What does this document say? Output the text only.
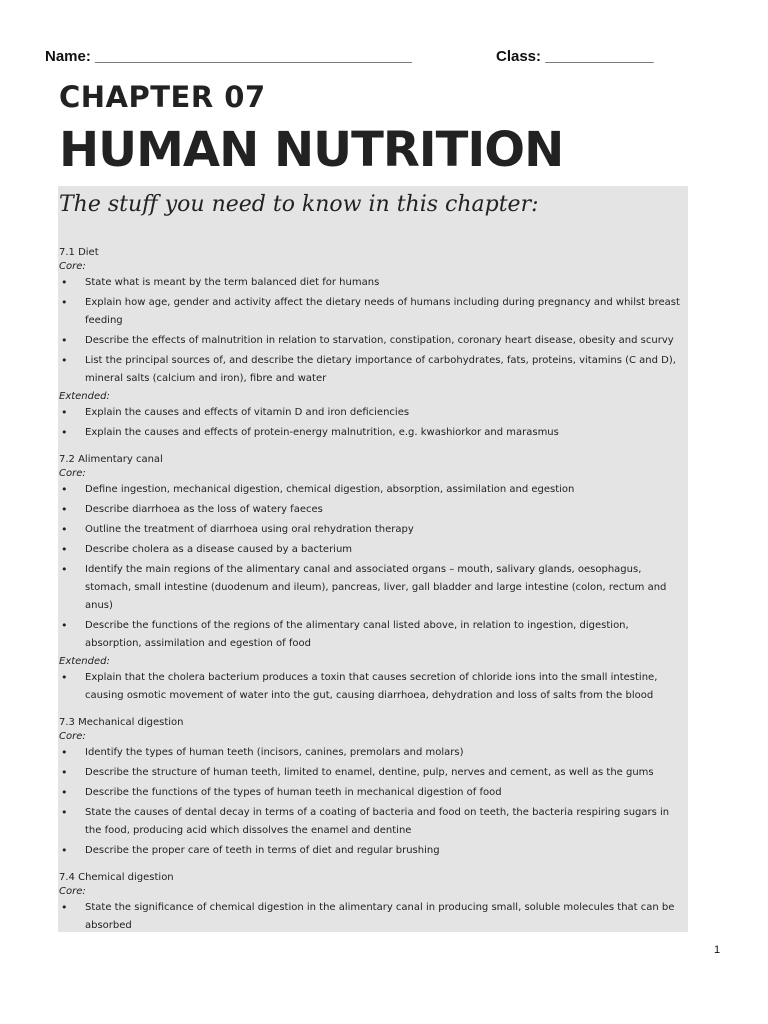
Name: ______________________________________	Class: _____________
CHAPTER 07
HUMAN NUTRITION
The stuff you need to know in this chapter:
7.1 Diet
Core:
• State what is meant by the term balanced diet for humans
• Explain how age, gender and activity affect the dietary needs of humans including during pregnancy and whilst breast feeding
• Describe the effects of malnutrition in relation to starvation, constipation, coronary heart disease, obesity and scurvy
• List the principal sources of, and describe the dietary importance of carbohydrates, fats, proteins, vitamins (C and D), mineral salts (calcium and iron), fibre and water
Extended:
• Explain the causes and effects of vitamin D and iron deficiencies
• Explain the causes and effects of protein-energy malnutrition, e.g. kwashiorkor and marasmus
7.2 Alimentary canal
Core:
• Define ingestion, mechanical digestion, chemical digestion, absorption, assimilation and egestion
• Describe diarrhoea as the loss of watery faeces
• Outline the treatment of diarrhoea using oral rehydration therapy
• Describe cholera as a disease caused by a bacterium
• Identify the main regions of the alimentary canal and associated organs – mouth, salivary glands, oesophagus, stomach, small intestine (duodenum and ileum), pancreas, liver, gall bladder and large intestine (colon, rectum and anus)
• Describe the functions of the regions of the alimentary canal listed above, in relation to ingestion, digestion, absorption, assimilation and egestion of food
Extended:
• Explain that the cholera bacterium produces a toxin that causes secretion of chloride ions into the small intestine, causing osmotic movement of water into the gut, causing diarrhoea, dehydration and loss of salts from the blood
7.3 Mechanical digestion
Core:
• Identify the types of human teeth (incisors, canines, premolars and molars)
• Describe the structure of human teeth, limited to enamel, dentine, pulp, nerves and cement, as well as the gums
• Describe the functions of the types of human teeth in mechanical digestion of food
• State the causes of dental decay in terms of a coating of bacteria and food on teeth, the bacteria respiring sugars in the food, producing acid which dissolves the enamel and dentine
• Describe the proper care of teeth in terms of diet and regular brushing
7.4 Chemical digestion
Core:
• State the significance of chemical digestion in the alimentary canal in producing small, soluble molecules that can be absorbed
1
